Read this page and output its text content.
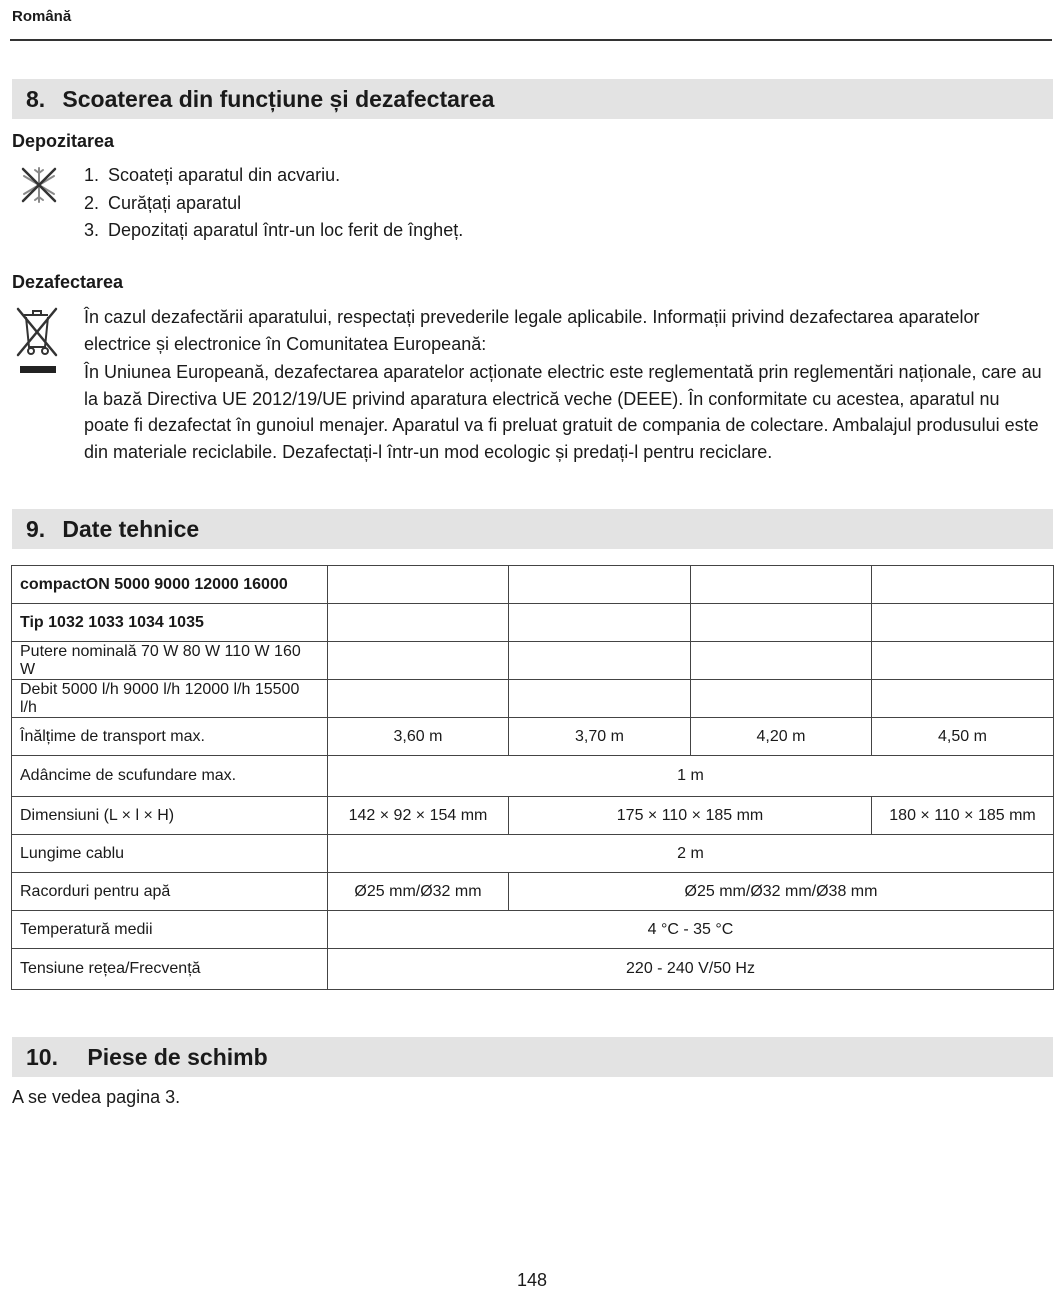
Română
8. Scoaterea din funcțiune și dezafectarea
Depozitarea
1. Scoateți aparatul din acvariu.
2. Curățați aparatul
3. Depozitați aparatul într-un loc ferit de îngheț.
Dezafectarea

În cazul dezafectării aparatului, respectați prevederile legale aplicabile. Informații privind dezafectarea aparatelor electrice și electronice în Comunitatea Europeană:

În Uniunea Europeană, dezafectarea aparatelor acționate electric este reglementată prin reglementări naționale, care au la bază Directiva UE 2012/19/UE privind aparatura electrică veche (DEEE). În conformitate cu acestea, aparatul nu poate fi dezafectat în gunoiul menajer. Aparatul va fi preluat gratuit de compania de colectare. Ambalajul produsului este din materiale reciclabile. Dezafectați-l într-un mod ecologic și predați-l pentru reciclare.

9. Date tehnice
compactON 5000 9000 12000 16000				
Tip 1032 1033 1034 1035				
Putere nominală 70 W 80 W 110 W 160 W				
Debit 5000 l/h 9000 l/h 12000 l/h 15500 l/h				
Înălțime de transport max.	3,60 m	3,70 m	4,20 m	4,50 m
Adâncime de scufundare max.	1 m			
Dimensiuni (L × l × H)	142 × 92 × 154 mm	175 × 110 × 185 mm		180 × 110 × 185 mm
Lungime cablu	2 m			
Racorduri pentru apă	Ø25 mm/Ø32 mm	Ø25 mm/Ø32 mm/Ø38 mm		
Temperatură medii	4 °C - 35 °C			
Tensiune rețea/Frecvență	220 - 240 V/50 Hz			
10. Piese de schimb
A se vedea pagina 3.
148
